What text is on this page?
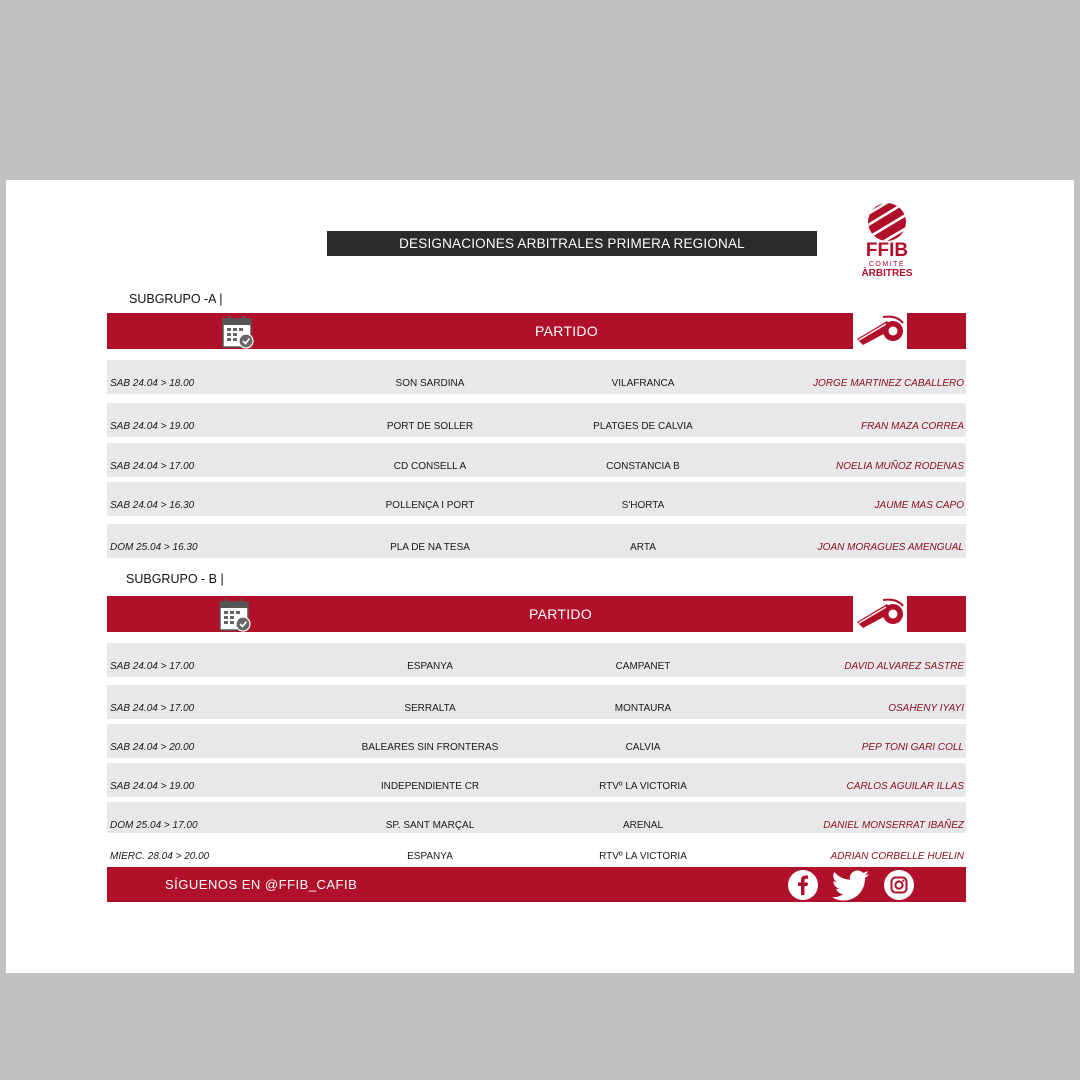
DESIGNACIONES ARBITRALES PRIMERA REGIONAL	FFIB
COMITÈ
ÀRBITRES
SUBGRUPO -A |
PARTIDO
SAB 24.04 > 18.00	SON SARDINA	VILAFRANCA	JORGE MARTINEZ CABALLERO
SAB 24.04 > 19.00	PORT DE SOLLER	PLATGES DE CALVIA	FRAN MAZA CORREA
SAB 24.04 > 17.00	CD CONSELL A	CONSTANCIA B	NOELIA MUÑOZ RODENAS
SAB 24.04 > 16.30	POLLENÇA I PORT	S'HORTA	JAUME MAS CAPO
DOM 25.04 > 16.30	PLA DE NA TESA	ARTA	JOAN MORAGUES AMENGUAL
SUBGRUPO - B |
PARTIDO
SAB 24.04 > 17.00	ESPANYA	CAMPANET	DAVID ALVAREZ SASTRE
SAB 24.04 > 17.00	SERRALTA	MONTAURA	OSAHENY IYAYI
SAB 24.04 > 20.00	BALEARES SIN FRONTERAS	CALVIA	PEP TONI GARI COLL
SAB 24.04 > 19.00	INDEPENDIENTE CR	RTVº LA VICTORIA	CARLOS AGUILAR ILLAS
DOM 25.04 > 17.00	SP. SANT MARÇAL	ARENAL	DANIEL MONSERRAT IBAÑEZ
MIERC. 28.04 > 20.00	ESPANYA	RTVº LA VICTORIA	ADRIAN CORBELLE HUELIN
SÍGUENOS EN @FFIB_CAFIB
